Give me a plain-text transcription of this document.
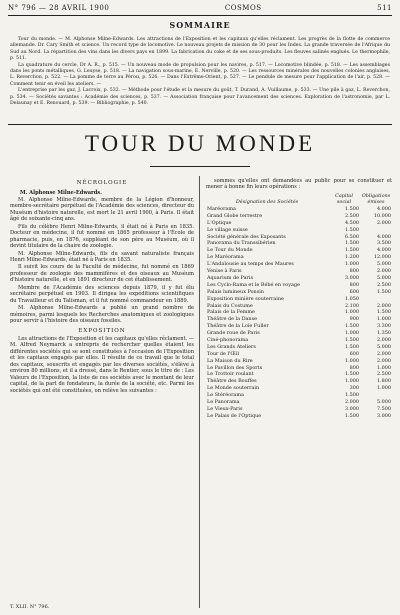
N° 796 — 28 AVRIL 1900	COSMOS	511
SOMMAIRE

Tour du monde. — M. Alphonse Milne-Edwards. Les attractions de l'Exposition et les capitaux qu'elles réclament. Les progrès de la flotte de commerce allemande. Dr. Cary Smith et science. Un record type de locomotive. Le nouveau projets de mission de 30 pour les Indes. La grande traversée de l'Afrique du Sud au Nord. La répartition des vins dans les divers pays en 1899. La fabrication du coke et de ses sous-produits. Les fleuves salinés englués. Le thermophile, p. 511.

La quadrature du cercle, Dr A. R., p. 515. — Un nouveau mode de propulsion pour les navires, p. 517. — Locomotive blindée, p. 518. — Les assemblages dans les ponts métalliques, G. Leuyse, p. 518. — La navigation sous-marine, E. Nerville, p. 520. — Les ressources minérales des nouvelles colonies anglaises, L. Reverchon, p. 522. — La pomme de terre au Pérou, p. 526. — Dans l'Extrême-Orient, p. 527. — Le pendule de mesure pour l'application de l'air, p. 528. — Comment tenir en éveil les ateliers. —

L'entreprise par les gaz, J. Lacroix, p. 532. — Méthode pour l'étude et la mesure du goût, T. Durand, A. Vuillaume, p. 533. — Une pile à gaz, L. Reverchon, p. 534. — Sociétés savantes : Académie des sciences, p. 537. — Association française pour l'avancement des sciences. Exploration de l'astronomie, par L. Delaunay et E. Renouard, p. 539. — Bibliographie, p. 540.

TOUR DU MONDE
NÉCROLOGIE

M. Alphonse Milne-Edwards.

M. Alphonse Milne-Edwards, membre de la Légion d'honneur, membre-secrétaire perpétuel de l'Académie des sciences, directeur du Muséum d'histoire naturelle, est mort le 21 avril 1900, à Paris. Il était âgé de soixante-cinq ans.

Fils du célèbre Henri Milne-Edwards, il était né à Paris en 1835. Docteur en médecine, il fut nommé en 1865 professeur à l'École de pharmacie, puis, en 1876, suppléant de son père au Muséum, où il devint titulaire de la chaire de zoologie.

M. Alphonse Milne-Edwards, fils du savant naturaliste français Henri Milne-Edwards, était né à Paris en 1835.

Il suivit les cours de la Faculté de médecine, fut nommé en 1869 professeur de zoologie des mammifères et des oiseaux au Muséum d'histoire naturelle, et en 1891 directeur de cet établissement.

Membre de l'Académie des sciences depuis 1879, il y fut élu secrétaire perpétuel en 1903. Il dirigea les expéditions scientifiques du Travailleur et du Talisman, et il fut nommé commandeur en 1889.

M. Alphonse Milne-Edwards a publié un grand nombre de mémoires, parmi lesquels les Recherches anatomiques et zoologiques pour servir à l'histoire des oiseaux fossiles.

EXPOSITION

Les attractions de l'Exposition et les capitaux qu'elles réclament. — M. Alfred Neymarck a entrepris de rechercher quelles étaient les différentes sociétés qui se sont constituées à l'occasion de l'Exposition et les capitaux engagés par elles. Il résulte de ce travail que le total des capitaux, souscrits et engagés par les diverses sociétés, s'élève à environ 80 millions, et il a dressé, dans le Rentier, sous le titre de : Les Valeurs de l'Exposition, la liste de ces sociétés avec le montant de leur capital, de la part de fondateurs, la durée de la société, etc. Parmi les sociétés qui ont été constituées, on relève les suivantes :

sommes qu'elles ont demandées au public pour se constituer et mener à bonne fin leurs opérations :

Désignation des Sociétés	Capital social	Obligations émises
Maréorama	1.500	4.000
Grand Globe terrestre	2.500	10.000
L'Optique	4.500	2.000
Le village suisse	1.500	
Société générale des Exposants	6.500	4.000
Panorama du Transsibérien	1.500	3.500
Le Tour du Monde	1.500	4.000
Le Maréorama	1.200	12.000
L'Andalousie au temps des Maures	1.000	5.000
Venise à Paris	800	2.000
Aquarium de Paris	3.000	5.000
Les Cyclo-Rama et le Bébé en voyage	800	2.500
Palais lumineux Ponsin	600	1.500
Exposition minière souterraine	1.050	
Palais du Costume	2.100	2.000
Palais de la Femme	1.000	1.500
Théâtre de la Danse	900	1.000
Théâtre de la Loïe Fuller	1.500	3.300
Grande roue de Paris	1.000	1.350
Ciné-phonorama	1.500	2.000
Les Grands Ateliers	1.500	5.000
Tour de l'Œil	600	2.000
La Maison du Rire	1.000	2.000
Le Pavillon des Sports	800	1.000
Le Trottoir roulant	1.500	2.500
Théâtre des Bouffes	1.000	1.800
Le Monde souterrain	300	1.000
Le Stéréorama	1.500	
Le Panorama	2.000	5.000
Le Vieux-Paris	3.000	7.500
Le Palais de l'Optique	1.500	3.000
T. XLII. N° 796.
